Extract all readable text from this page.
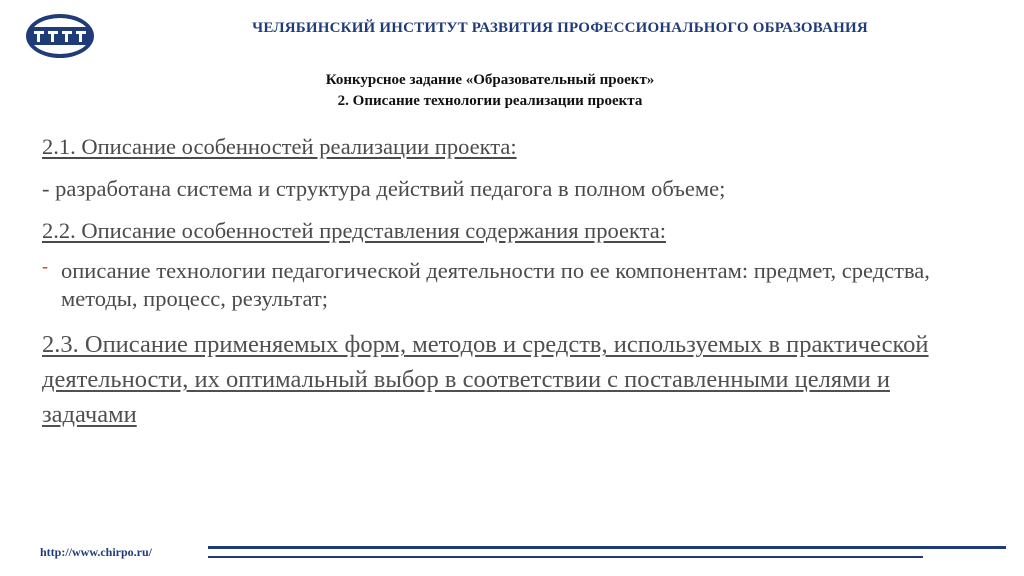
ЧЕЛЯБИНСКИЙ ИНСТИТУТ РАЗВИТИЯ ПРОФЕССИОНАЛЬНОГО ОБРАЗОВАНИЯ
Конкурсное задание «Образовательный проект»
2. Описание технологии реализации проекта

2.1. Описание особенностей реализации проекта:

- разработана система и структура действий педагога в полном объеме;

2.2. Описание особенностей представления содержания проекта:

- описание технологии педагогической деятельности по ее компонентам: предмет, средства, методы, процесс, результат;

2.3. Описание применяемых форм, методов и средств, используемых в практической деятельности, их оптимальный выбор в соответствии с поставленными целями и задачами

http://www.chirpo.ru/
